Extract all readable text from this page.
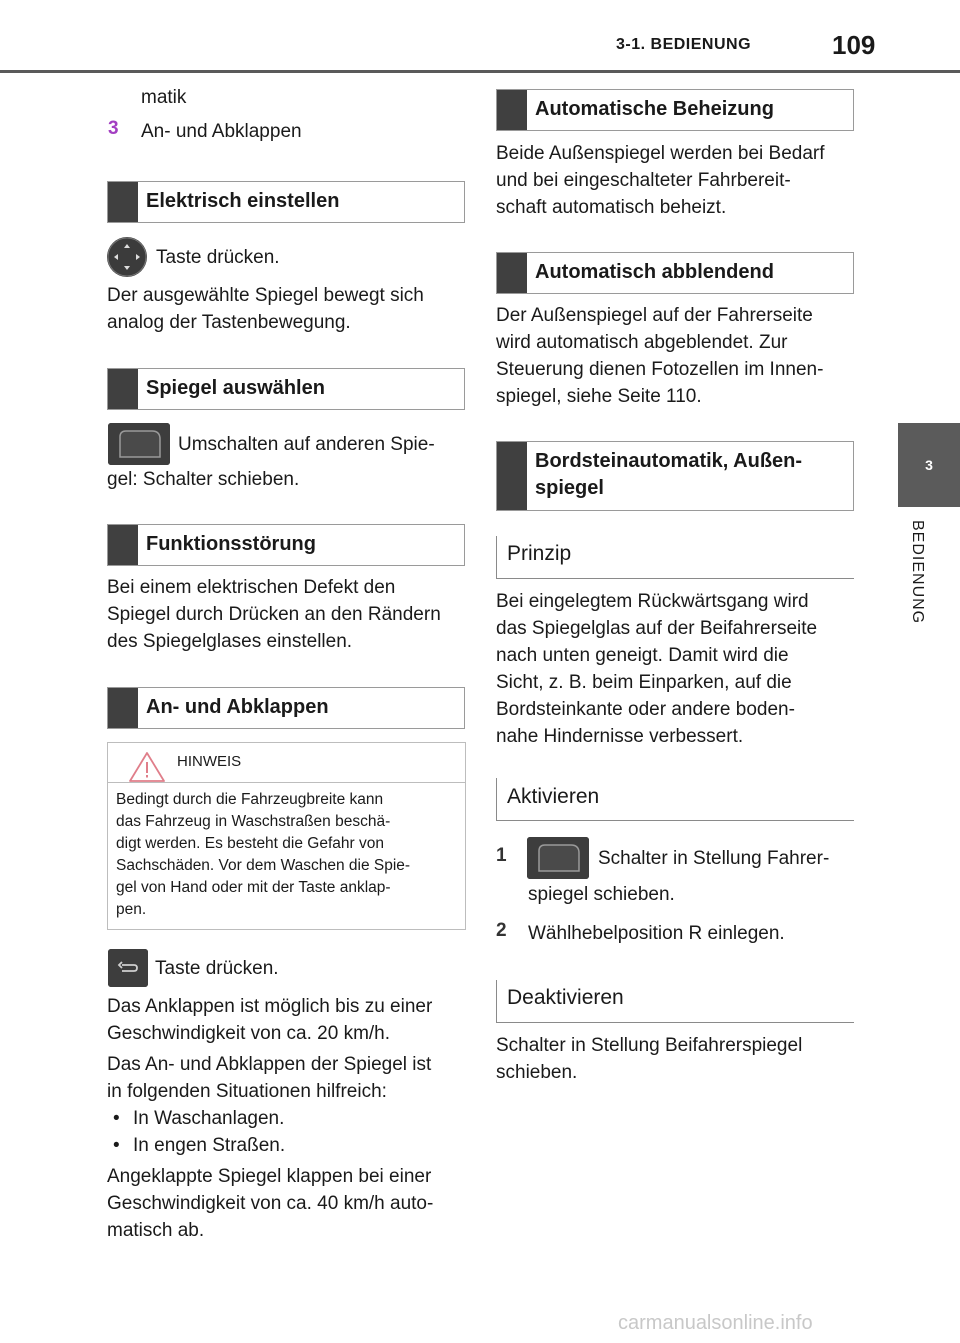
3-1. BEDIENUNG	109
3
BEDIENUNG
matik
3 An- und Abklappen
Elektrisch einstellen
Taste drücken.
Der ausgewählte Spiegel bewegt sich
analog der Tastenbewegung.
Spiegel auswählen
Umschalten auf anderen Spie-
gel: Schalter schieben.
Funktionsstörung
Bei einem elektrischen Defekt den
Spiegel durch Drücken an den Rändern
des Spiegelglases einstellen.
An- und Abklappen
HINWEIS
Bedingt durch die Fahrzeugbreite kann
das Fahrzeug in Waschstraßen beschä-
digt werden. Es besteht die Gefahr von
Sachschäden. Vor dem Waschen die Spie-
gel von Hand oder mit der Taste anklap-
pen.
Taste drücken.
Das Anklappen ist möglich bis zu einer
Geschwindigkeit von ca. 20 km/h.
Das An- und Abklappen der Spiegel ist
in folgenden Situationen hilfreich:
• In Waschanlagen.
• In engen Straßen.
Angeklappte Spiegel klappen bei einer
Geschwindigkeit von ca. 40 km/h auto-
matisch ab.
Automatische Beheizung
Beide Außenspiegel werden bei Bedarf
und bei eingeschalteter Fahrbereit-
schaft automatisch beheizt.
Automatisch abblendend
Der Außenspiegel auf der Fahrerseite
wird automatisch abgeblendet. Zur
Steuerung dienen Fotozellen im Innen-
spiegel, siehe Seite 110.
Bordsteinautomatik, Außen-
spiegel
Prinzip
Bei eingelegtem Rückwärtsgang wird
das Spiegelglas auf der Beifahrerseite
nach unten geneigt. Damit wird die
Sicht, z. B. beim Einparken, auf die
Bordsteinkante oder andere boden-
nahe Hindernisse verbessert.
Aktivieren
1	Schalter in Stellung Fahrer-
spiegel schieben.
2 Wählhebelposition R einlegen.
Deaktivieren
Schalter in Stellung Beifahrerspiegel
schieben.
carmanualsonline.info
